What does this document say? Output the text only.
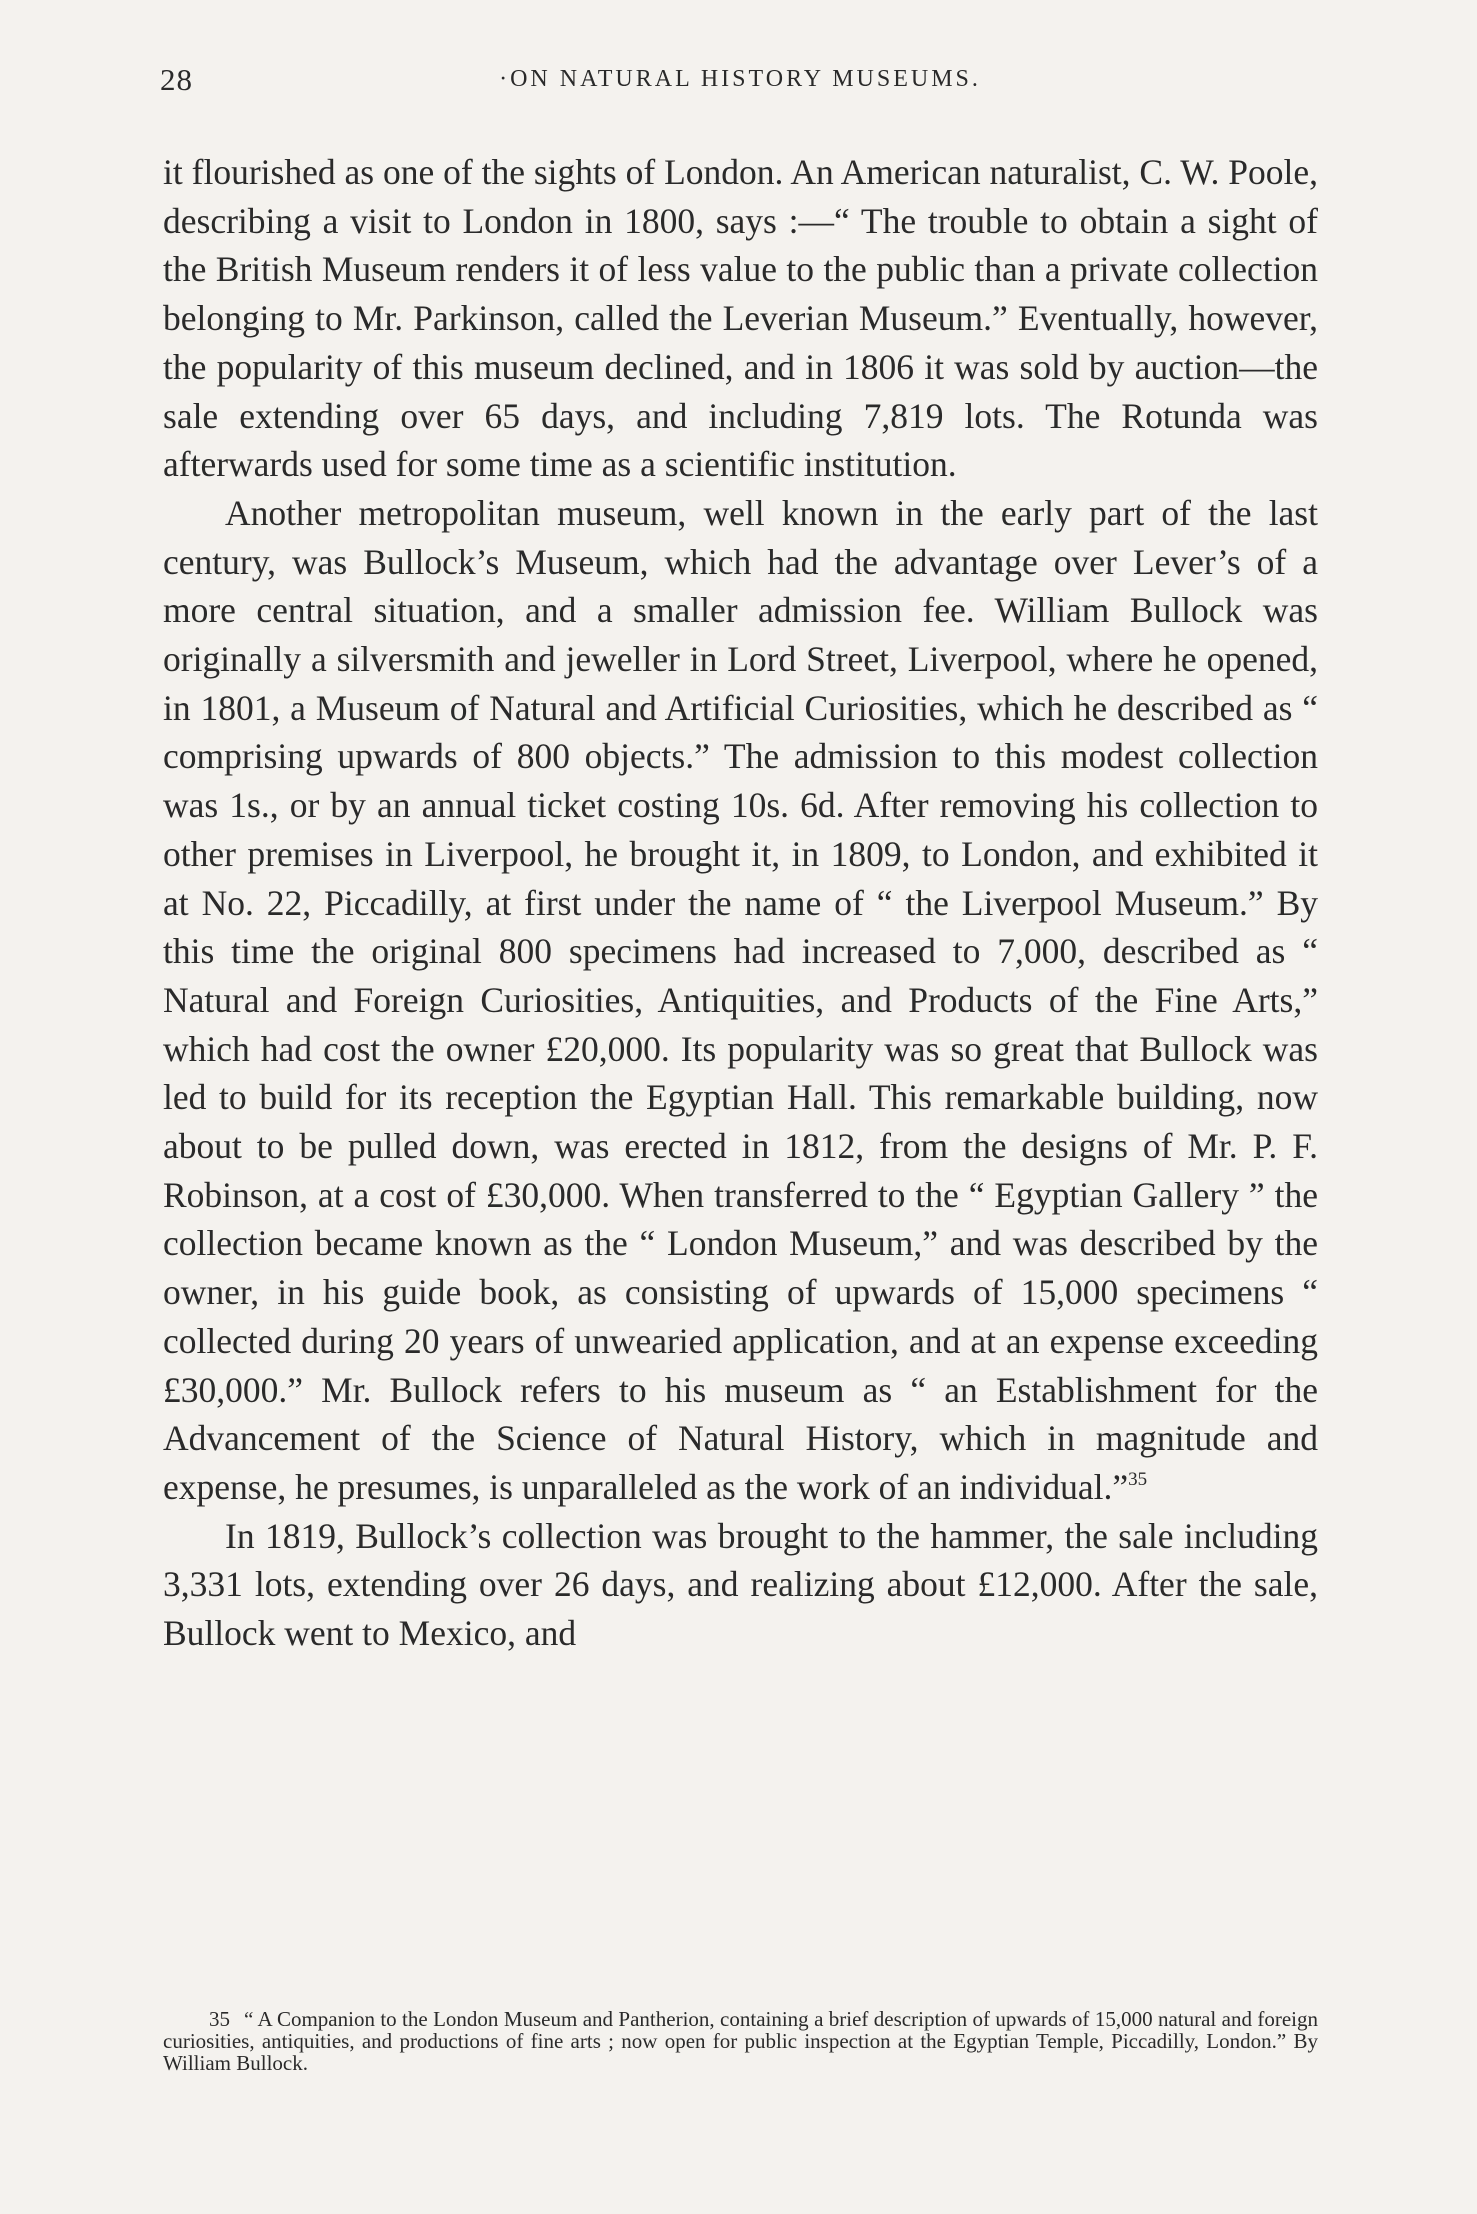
28	·ON NATURAL HISTORY MUSEUMS.

it flourished as one of the sights of London. An American naturalist, C. W. Poole, describing a visit to London in 1800, says :—“ The trouble to obtain a sight of the British Museum renders it of less value to the public than a private collection belonging to Mr. Parkinson, called the Leverian Museum.” Eventually, however, the popularity of this museum declined, and in 1806 it was sold by auction—the sale extending over 65 days, and including 7,819 lots. The Rotunda was afterwards used for some time as a scientific institution.

Another metropolitan museum, well known in the early part of the last century, was Bullock’s Museum, which had the advantage over Lever’s of a more central situation, and a smaller admission fee. William Bullock was originally a silversmith and jeweller in Lord Street, Liverpool, where he opened, in 1801, a Museum of Natural and Artificial Curiosities, which he described as “ comprising upwards of 800 objects.” The admission to this modest collection was 1s., or by an annual ticket costing 10s. 6d. After removing his collection to other premises in Liverpool, he brought it, in 1809, to London, and exhibited it at No. 22, Piccadilly, at first under the name of “ the Liverpool Museum.” By this time the original 800 specimens had increased to 7,000, described as “ Natural and Foreign Curiosities, Antiquities, and Products of the Fine Arts,” which had cost the owner £20,000. Its popularity was so great that Bullock was led to build for its reception the Egyptian Hall. This remarkable building, now about to be pulled down, was erected in 1812, from the designs of Mr. P. F. Robinson, at a cost of £30,000. When transferred to the “ Egyptian Gallery ” the collection became known as the “ London Museum,” and was described by the owner, in his guide book, as consisting of upwards of 15,000 specimens “ collected during 20 years of unwearied application, and at an expense exceeding £30,000.” Mr. Bullock refers to his museum as “ an Establishment for the Advancement of the Science of Natural History, which in magnitude and expense, he presumes, is unparalleled as the work of an individual.”$^{35}$

In 1819, Bullock’s collection was brought to the hammer, the sale including 3,331 lots, extending over 26 days, and realizing about £12,000. After the sale, Bullock went to Mexico, and

35 “ A Companion to the London Museum and Pantherion, containing a brief description of upwards of 15,000 natural and foreign curiosities, antiquities, and productions of fine arts ; now open for public inspection at the Egyptian Temple, Piccadilly, London.” By William Bullock.
